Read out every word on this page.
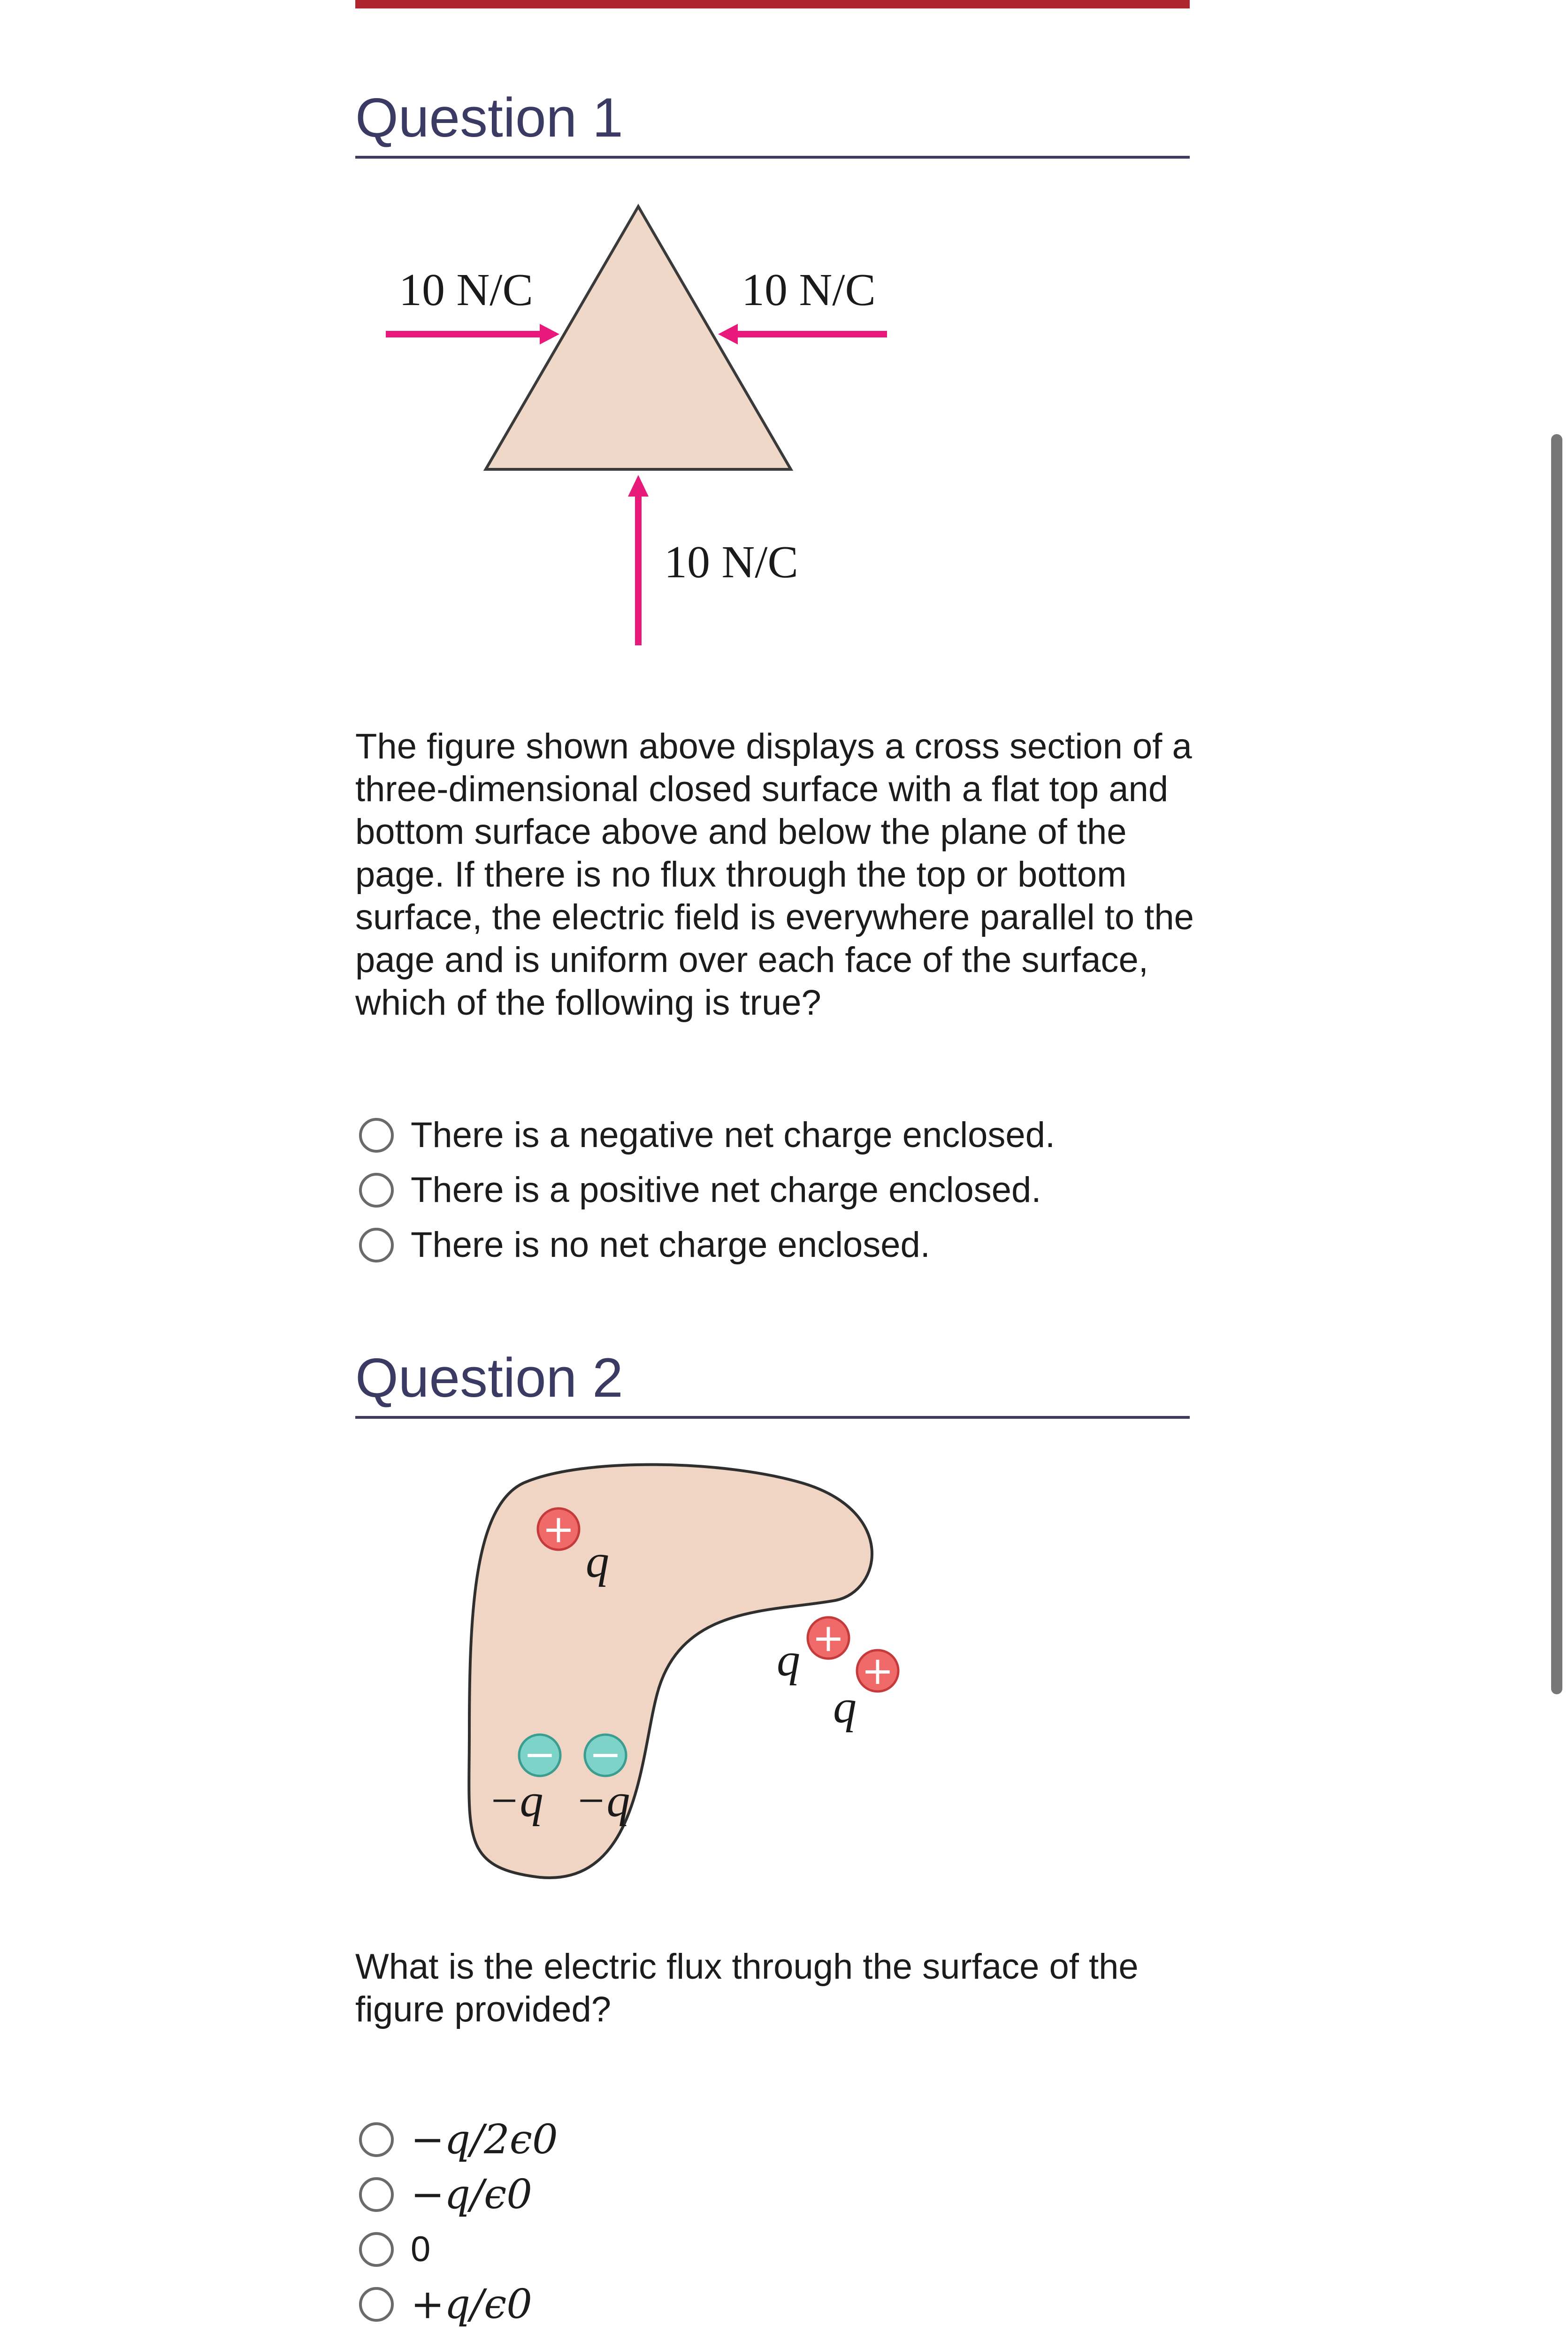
Question 1
10 N/C	10 N/C
10 N/C
The figure shown above displays a cross section of a three-dimensional closed surface with a flat top and bottom surface above and below the plane of the page. If there is no flux through the top or bottom surface, the electric field is everywhere parallel to the page and is uniform over each face of the surface, which of the following is true?
There is a negative net charge enclosed.
There is a positive net charge enclosed.
There is no net charge enclosed.
Question 2
+
q
+
q +
q
− −
−q −q
What is the electric flux through the surface of the figure provided?
−q/2ϵ0
−q/ϵ0
0
+q/ϵ0
